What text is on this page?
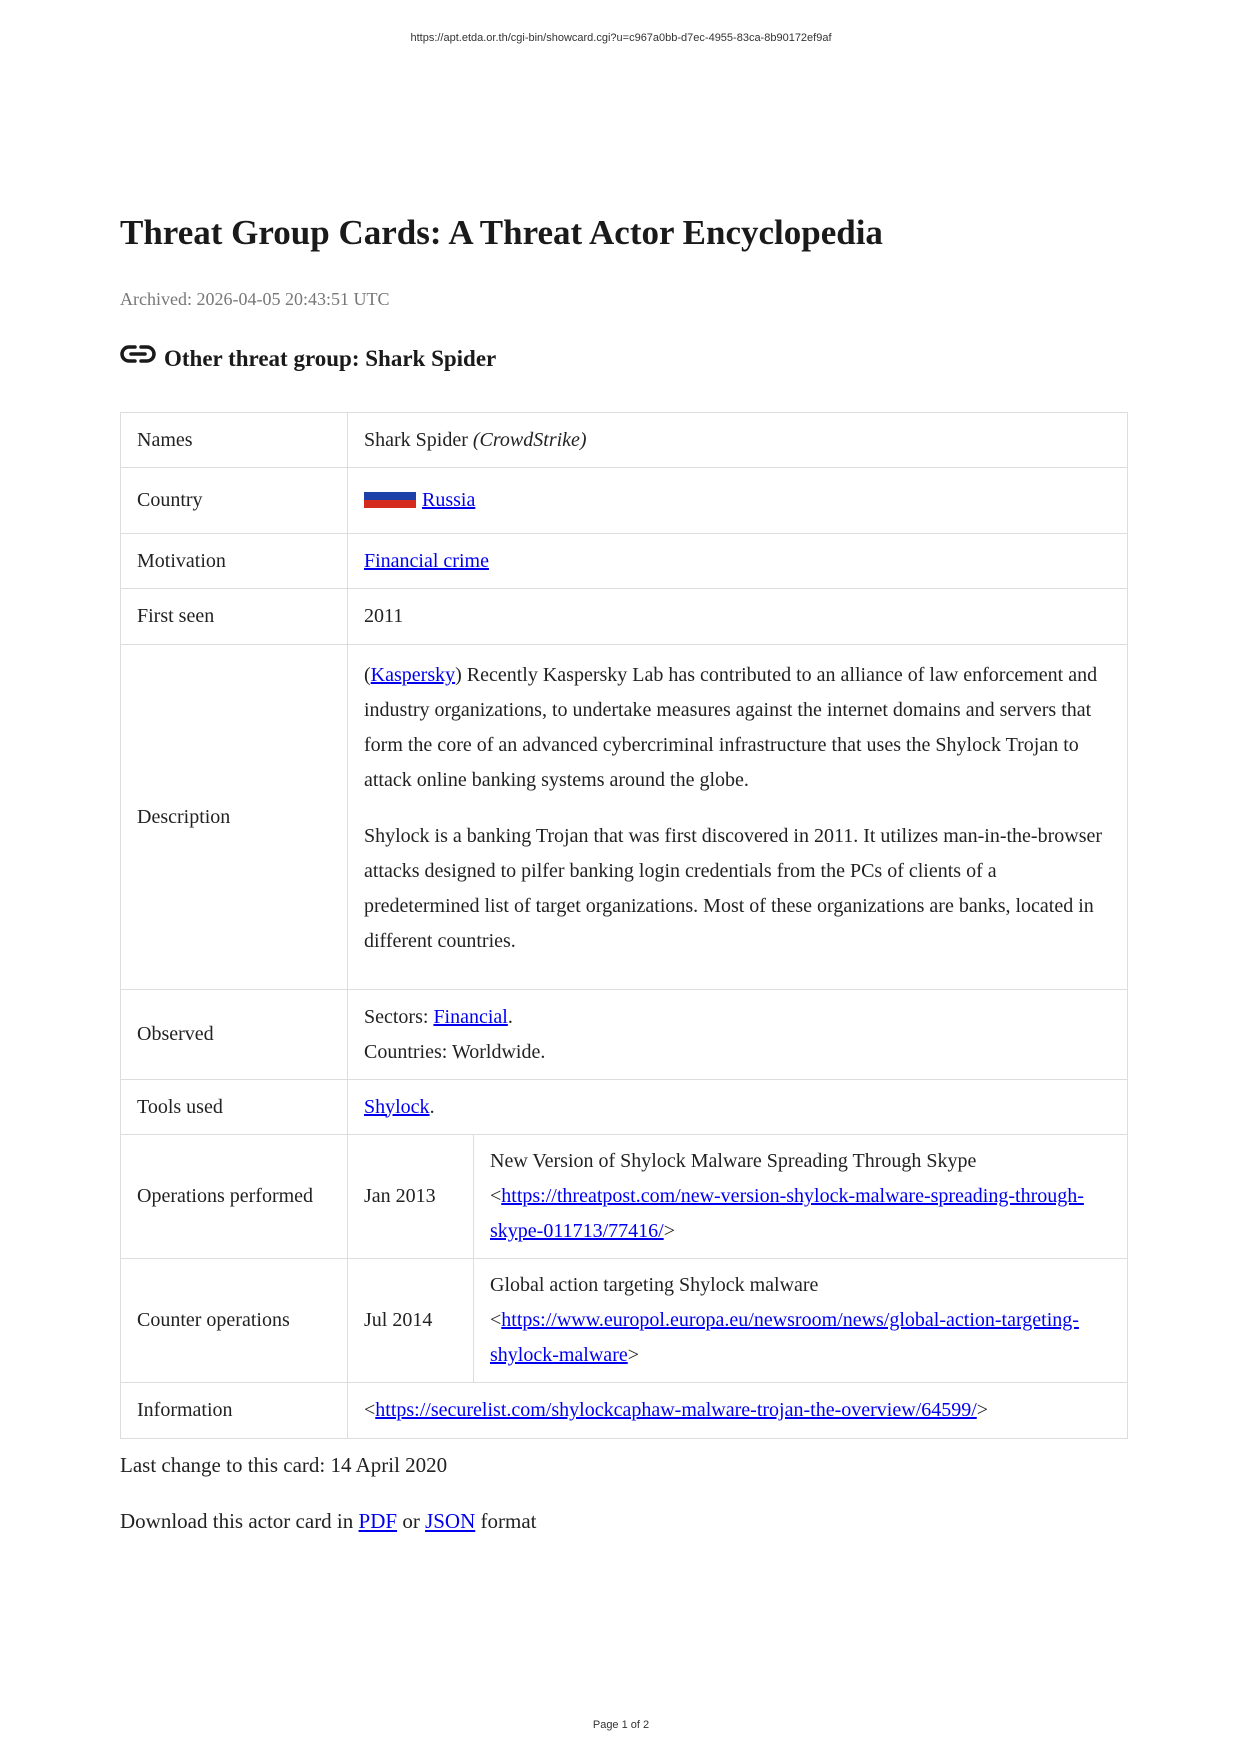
https://apt.etda.or.th/cgi-bin/showcard.cgi?u=c967a0bb-d7ec-4955-83ca-8b90172ef9af
Threat Group Cards: A Threat Actor Encyclopedia
Archived: 2026-04-05 20:43:51 UTC
Other threat group: Shark Spider
Names	Shark Spider (CrowdStrike)	
Country	Russia	
Motivation	Financial crime	
First seen	2011	
Description	(Kaspersky) Recently Kaspersky Lab has contributed to an alliance of law enforcement and industry organizations, to undertake measures against the internet domains and servers that form the core of an advanced cybercriminal infrastructure that uses the Shylock Trojan to attack online banking systems around the globe.

Shylock is a banking Trojan that was first discovered in 2011. It utilizes man-in-the-browser attacks designed to pilfer banking login credentials from the PCs of clients of a predetermined list of target organizations. Most of these organizations are banks, located in different countries.	

Observed	Sectors: Financial.
Countries: Worldwide.	

Tools used	Shylock.	
Operations performed	Jan 2013	New Version of Shylock Malware Spreading Through Skype
<https://threatpost.com/new-version-shylock-malware-spreading-through-skype-011713/77416/>

Counter operations	Jul 2014	Global action targeting Shylock malware
<https://www.europol.europa.eu/newsroom/news/global-action-targeting-shylock-malware>

Information	<https://securelist.com/shylockcaphaw-malware-trojan-the-overview/64599/>	
Last change to this card: 14 April 2020
Download this actor card in PDF or JSON format
Page 1 of 2
